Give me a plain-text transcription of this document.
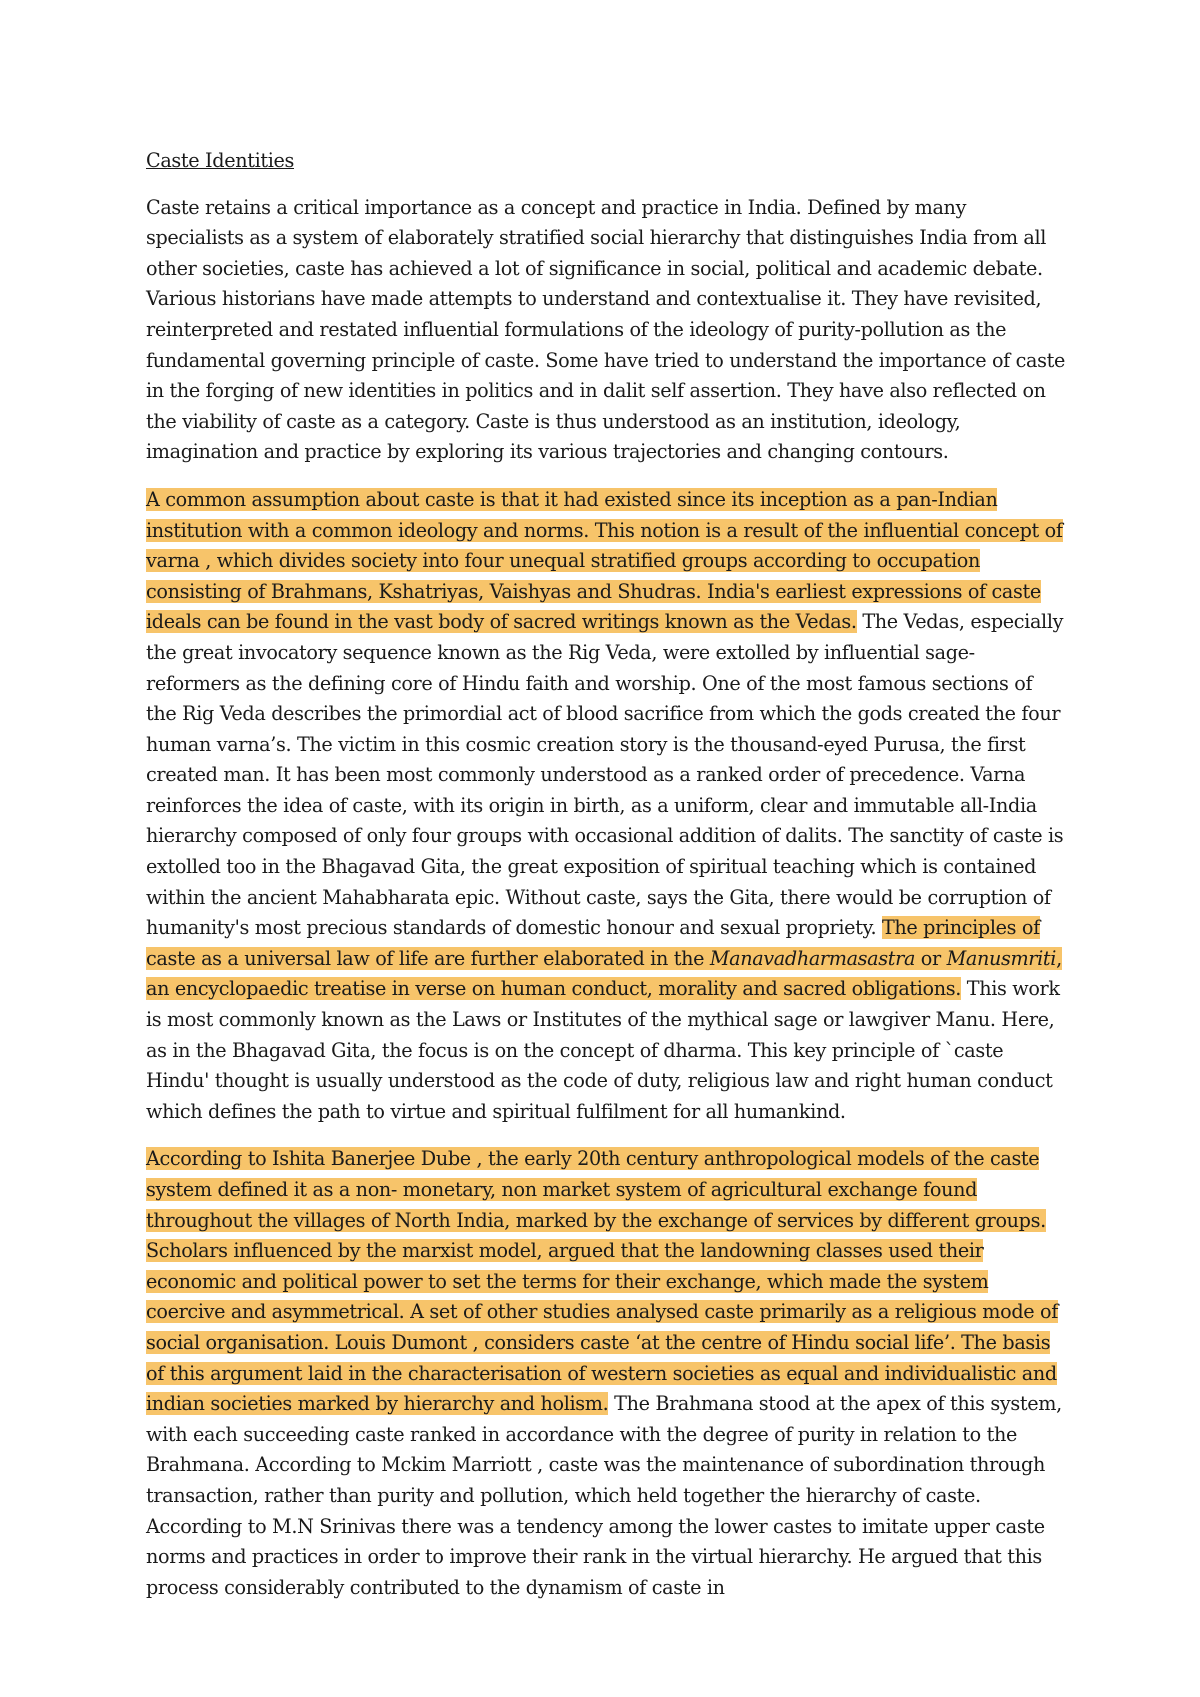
Caste Identities

Caste retains a critical importance as a concept and practice in India. Defined by many specialists as a system of elaborately stratified social hierarchy that distinguishes India from all other societies, caste has achieved a lot of significance in social, political and academic debate. Various historians have made attempts to understand and contextualise it. They have revisited, reinterpreted and restated influential formulations of the ideology of purity-pollution as the fundamental governing principle of caste. Some have tried to understand the importance of caste in the forging of new identities in politics and in dalit self assertion. They have also reflected on the viability of caste as a category. Caste is thus understood as an institution, ideology, imagination and practice by exploring its various trajectories and changing contours.

A common assumption about caste is that it had existed since its inception as a pan-Indian institution with a common ideology and norms. This notion is a result of the influential concept of varna , which divides society into four unequal stratified groups according to occupation consisting of Brahmans, Kshatriyas, Vaishyas and Shudras. India's earliest expressions of caste ideals can be found in the vast body of sacred writings known as the Vedas. The Vedas, especially the great invocatory sequence known as the Rig Veda, were extolled by influential sage- reformers as the defining core of Hindu faith and worship. One of the most famous sections of the Rig Veda describes the primordial act of blood sacrifice from which the gods created the four human varna’s. The victim in this cosmic creation story is the thousand-eyed Purusa, the first created man. It has been most commonly understood as a ranked order of precedence. Varna reinforces the idea of caste, with its origin in birth, as a uniform, clear and immutable all-India hierarchy composed of only four groups with occasional addition of dalits. The sanctity of caste is extolled too in the Bhagavad Gita, the great exposition of spiritual teaching which is contained within the ancient Mahabharata epic. Without caste, says the Gita, there would be corruption of humanity's most precious standards of domestic honour and sexual propriety. The principles of caste as a universal law of life are further elaborated in the Manavadharmasastra or Manusmriti, an encyclopaedic treatise in verse on human conduct, morality and sacred obligations. This work is most commonly known as the Laws or Institutes of the mythical sage or lawgiver Manu. Here, as in the Bhagavad Gita, the focus is on the concept of dharma. This key principle of `caste Hindu' thought is usually understood as the code of duty, religious law and right human conduct which defines the path to virtue and spiritual fulfilment for all humankind.

According to Ishita Banerjee Dube , the early 20th century anthropological models of the caste system defined it as a non- monetary, non market system of agricultural exchange found throughout the villages of North India, marked by the exchange of services by different groups. Scholars influenced by the marxist model, argued that the landowning classes used their economic and political power to set the terms for their exchange, which made the system coercive and asymmetrical. A set of other studies analysed caste primarily as a religious mode of social organisation. Louis Dumont , considers caste ‘at the centre of Hindu social life’. The basis of this argument laid in the characterisation of western societies as equal and individualistic and indian societies marked by hierarchy and holism. The Brahmana stood at the apex of this system, with each succeeding caste ranked in accordance with the degree of purity in relation to the Brahmana. According to Mckim Marriott , caste was the maintenance of subordination through transaction, rather than purity and pollution, which held together the hierarchy of caste. According to M.N Srinivas there was a tendency among the lower castes to imitate upper caste norms and practices in order to improve their rank in the virtual hierarchy. He argued that this process considerably contributed to the dynamism of caste in
